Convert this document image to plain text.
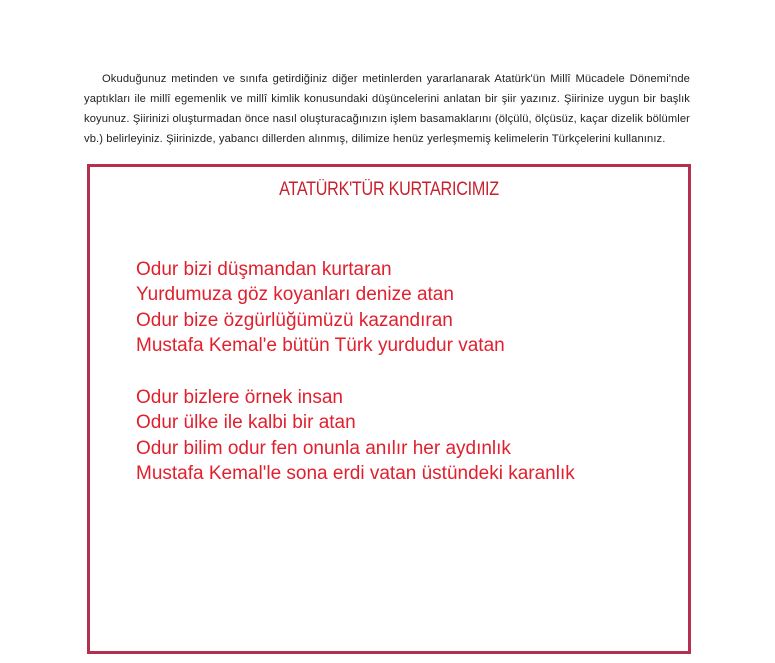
Okuduğunuz metinden ve sınıfa getirdiğiniz diğer metinlerden yararlanarak Atatürk'ün Millî Mücadele Dönemi'nde yaptıkları ile millî egemenlik ve millî kimlik konusundaki düşüncelerini anlatan bir şiir yazınız. Şiirinize uygun bir başlık koyunuz. Şiirinizi oluşturmadan önce nasıl oluşturacağınızın işlem basamaklarını (ölçülü, ölçüsüz, kaçar dizelik bölümler vb.) belirleyiniz. Şiirinizde, yabancı dillerden alınmış, dilimize henüz yerleşmemiş kelimelerin Türkçelerini kullanınız.

ATATÜRK'TÜR KURTARICIMIZ
Odur bizi düşmandan kurtaran
Yurdumuza göz koyanları denize atan
Odur bize özgürlüğümüzü kazandıran
Mustafa Kemal'e bütün Türk yurdudur vatan
Odur bizlere örnek insan
Odur ülke ile kalbi bir atan
Odur bilim odur fen onunla anılır her aydınlık
Mustafa Kemal'le sona erdi vatan üstündeki karanlık
